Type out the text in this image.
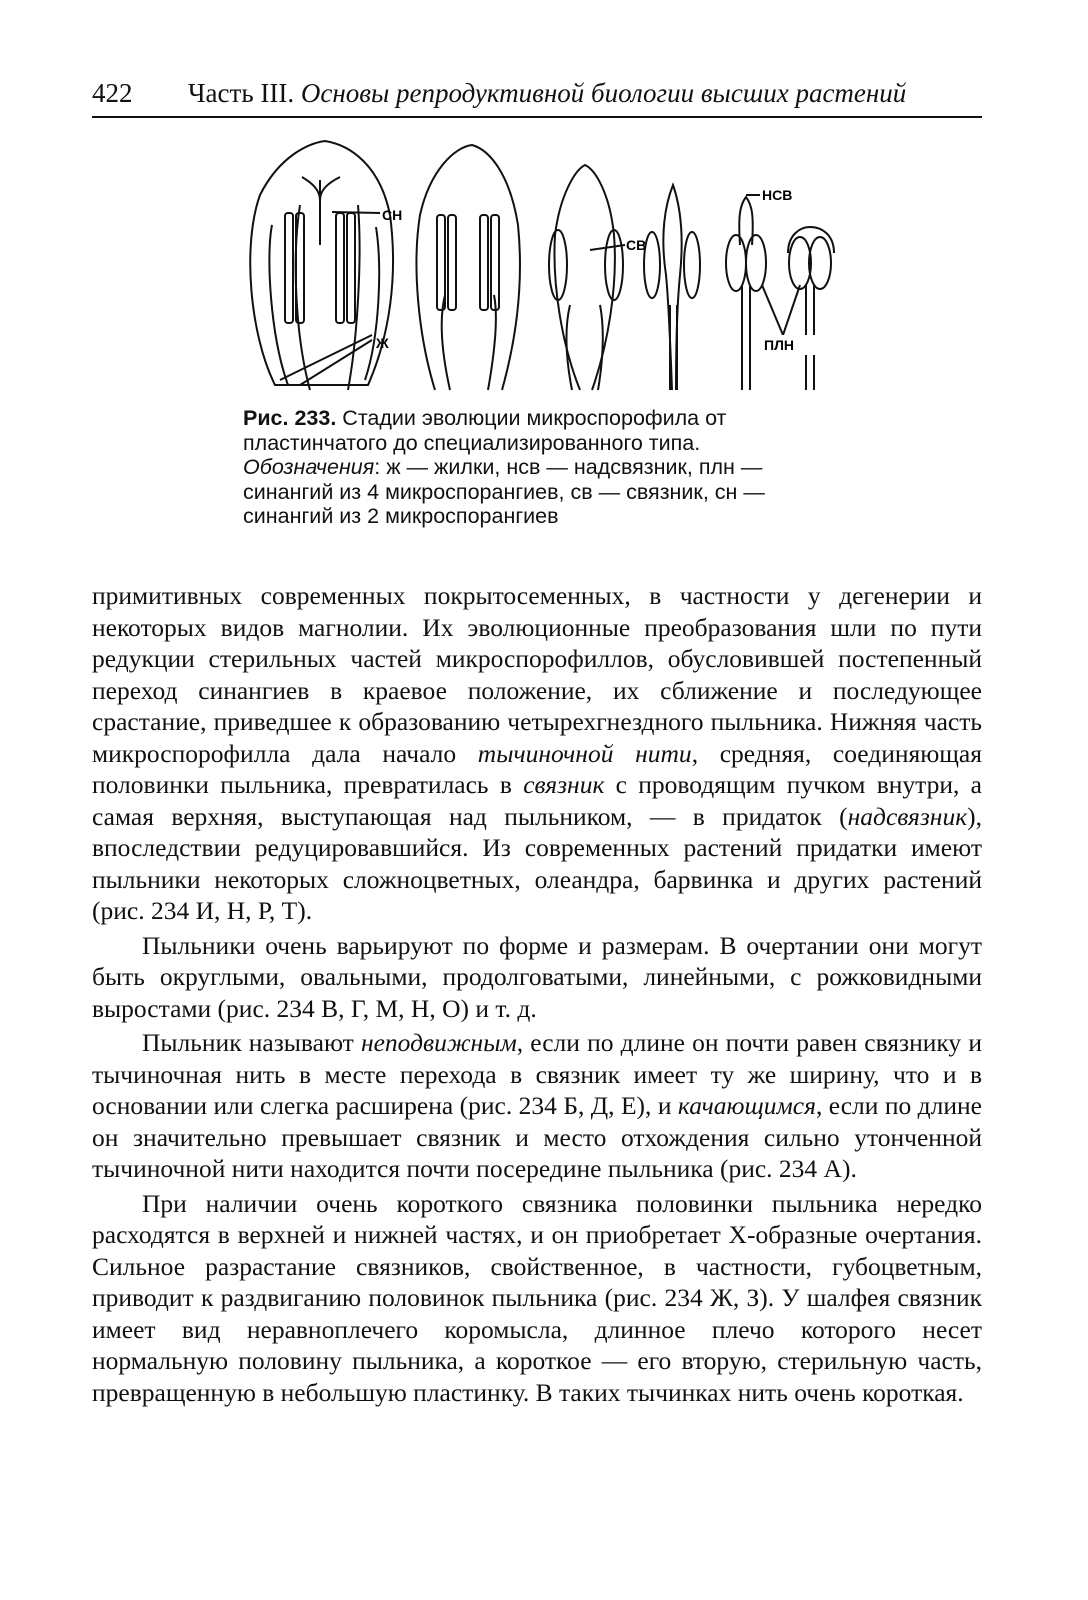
422 Часть III. Основы репродуктивной биологии высших растений
СН
Ж
СВ
НСВ
ПЛН
Рис. 233. Стадии эволюции микроспорофила от пластинчатого до специализированного типа.
Обозначения: ж — жилки, нсв — надсвязник, плн — синангий из 4 микроспорангиев, св — связник, сн — синангий из 2 микроспорангиев

примитивных современных покрытосеменных, в частности у дегенерии и некоторых видов магнолии. Их эволюционные преобразования шли по пути редукции стерильных частей микроспорофиллов, обусловившей постепенный переход синангиев в краевое положение, их сближение и последующее срастание, приведшее к образованию четырехгнездного пыльника. Нижняя часть микроспорофилла дала начало тычиночной нити, средняя, соединяющая половинки пыльника, превратилась в связник с проводящим пучком внутри, а самая верхняя, выступающая над пыльником, — в придаток (надсвязник), впоследствии редуцировавшийся. Из современных растений придатки имеют пыльники некоторых сложноцветных, олеандра, барвинка и других растений (рис. 234 И, Н, Р, Т).

Пыльники очень варьируют по форме и размерам. В очертании они могут быть округлыми, овальными, продолговатыми, линейными, с рожковидными выростами (рис. 234 В, Г, М, Н, О) и т. д.

Пыльник называют неподвижным, если по длине он почти равен связнику и тычиночная нить в месте перехода в связник имеет ту же ширину, что и в основании или слегка расширена (рис. 234 Б, Д, Е), и качающимся, если по длине он значительно превышает связник и место отхождения сильно утонченной тычиночной нити находится почти посередине пыльника (рис. 234 А).

При наличии очень короткого связника половинки пыльника нередко расходятся в верхней и нижней частях, и он приобретает Х-образные очертания. Сильное разрастание связников, свойственное, в частности, губоцветным, приводит к раздвиганию половинок пыльника (рис. 234 Ж, З). У шалфея связник имеет вид неравноплечего коромысла, длинное плечо которого несет нормальную половину пыльника, а короткое — его вторую, стерильную часть, превращенную в небольшую пластинку. В таких тычинках нить очень короткая.
